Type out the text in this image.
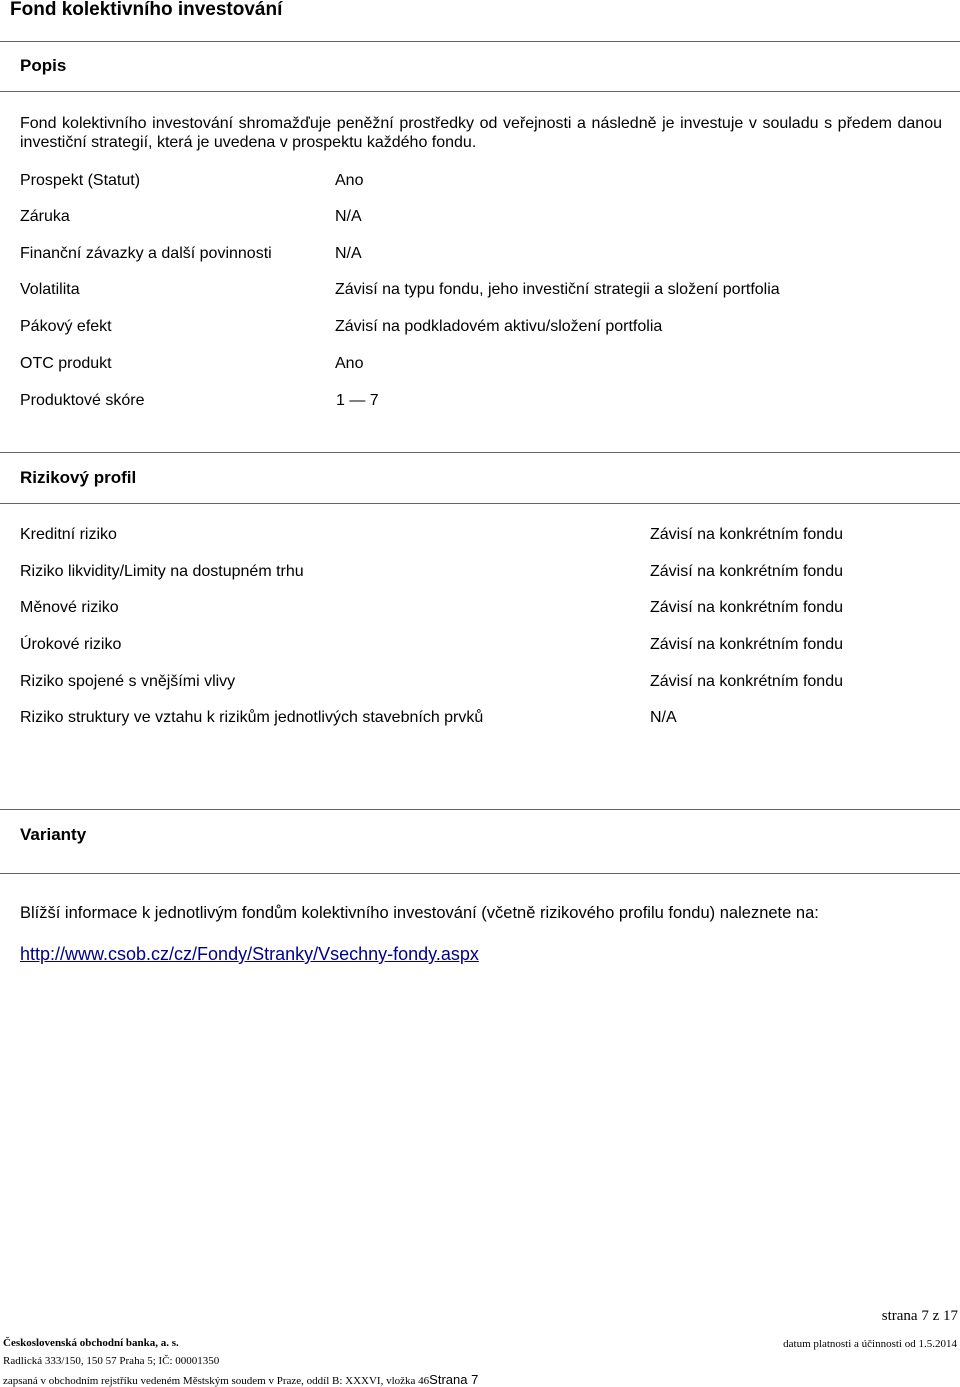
Fond kolektivního investování
Popis
Fond kolektivního investování shromažďuje peněžní prostředky od veřejnosti a následně je investuje v souladu s předem danou investiční strategií, která je uvedena v prospektu každého fondu.
Prospekt (Statut)	Ano
Záruka	N/A
Finanční závazky a další povinnosti	N/A
Volatilita	Závisí na typu fondu, jeho investiční strategii a složení portfolia
Pákový efekt	Závisí na podkladovém aktivu/složení portfolia
OTC produkt	Ano
Produktové skóre	1 — 7
Rizikový profil
Kreditní riziko	Závisí na konkrétním fondu
Riziko likvidity/Limity na dostupném trhu	Závisí na konkrétním fondu
Měnové riziko	Závisí na konkrétním fondu
Úrokové riziko	Závisí na konkrétním fondu
Riziko spojené s vnějšími vlivy	Závisí na konkrétním fondu
Riziko struktury ve vztahu k rizikům jednotlivých stavebních prvků	N/A
Varianty
Blížší informace k jednotlivým fondům kolektivního investování (včetně rizikového profilu fondu) naleznete na:
http://www.csob.cz/cz/Fondy/Stranky/Vsechny-fondy.aspx
strana 7 z 17
Československá obchodní banka, a. s.	datum platnosti a účinnosti od 1.5.2014
Radlická 333/150, 150 57 Praha 5; IČ: 00001350
zapsaná v obchodním rejstříku vedeném Městským soudem v Praze, oddíl B: XXXVI, vložka 46Strana 7
